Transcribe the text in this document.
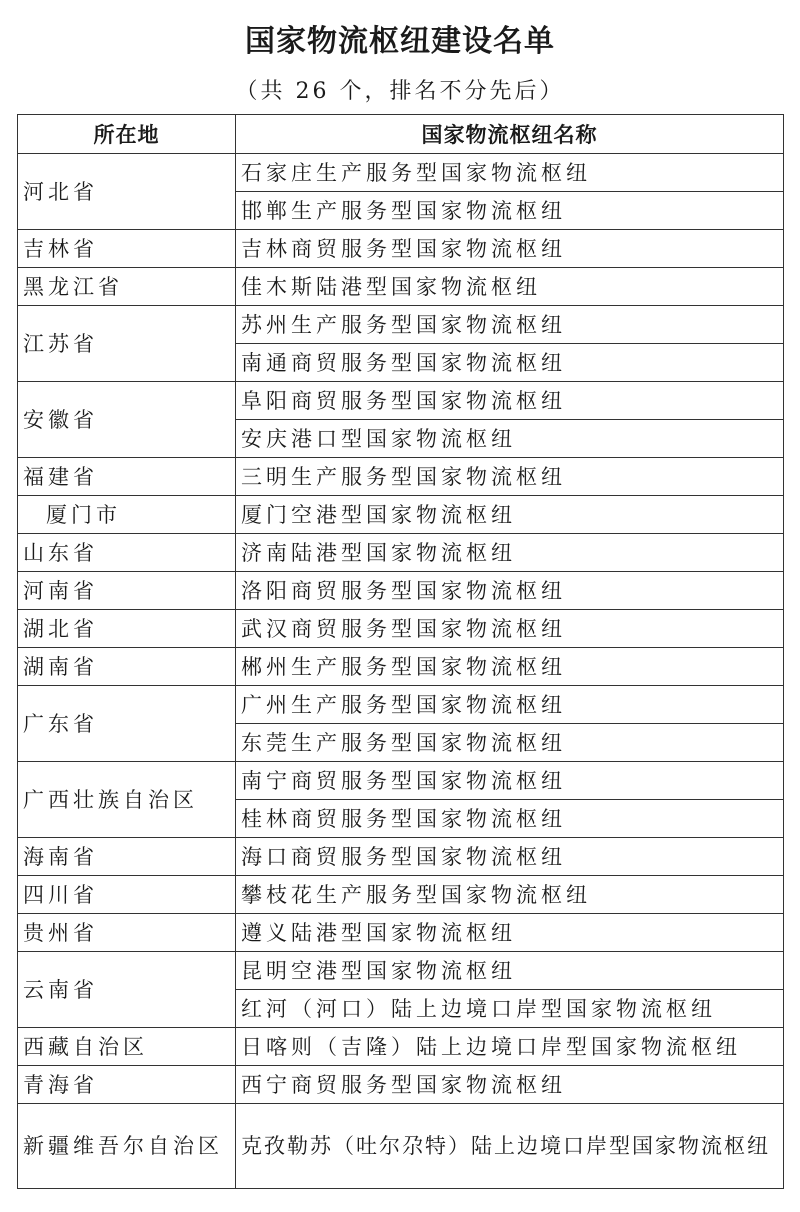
国家物流枢纽建设名单
（共 26 个，排名不分先后）
所在地	国家物流枢纽名称
河北省	石家庄生产服务型国家物流枢纽
	邯郸生产服务型国家物流枢纽
吉林省	吉林商贸服务型国家物流枢纽
黑龙江省	佳木斯陆港型国家物流枢纽
江苏省	苏州生产服务型国家物流枢纽
	南通商贸服务型国家物流枢纽
安徽省	阜阳商贸服务型国家物流枢纽
	安庆港口型国家物流枢纽
福建省	三明生产服务型国家物流枢纽
厦门市	厦门空港型国家物流枢纽
山东省	济南陆港型国家物流枢纽
河南省	洛阳商贸服务型国家物流枢纽
湖北省	武汉商贸服务型国家物流枢纽
湖南省	郴州生产服务型国家物流枢纽
广东省	广州生产服务型国家物流枢纽
	东莞生产服务型国家物流枢纽
广西壮族自治区	南宁商贸服务型国家物流枢纽
	桂林商贸服务型国家物流枢纽
海南省	海口商贸服务型国家物流枢纽
四川省	攀枝花生产服务型国家物流枢纽
贵州省	遵义陆港型国家物流枢纽
云南省	昆明空港型国家物流枢纽
	红河（河口）陆上边境口岸型国家物流枢纽
西藏自治区	日喀则（吉隆）陆上边境口岸型国家物流枢纽
青海省	西宁商贸服务型国家物流枢纽
新疆维吾尔自治区	克孜勒苏（吐尔尕特）陆上边境口岸型国家物流枢纽
